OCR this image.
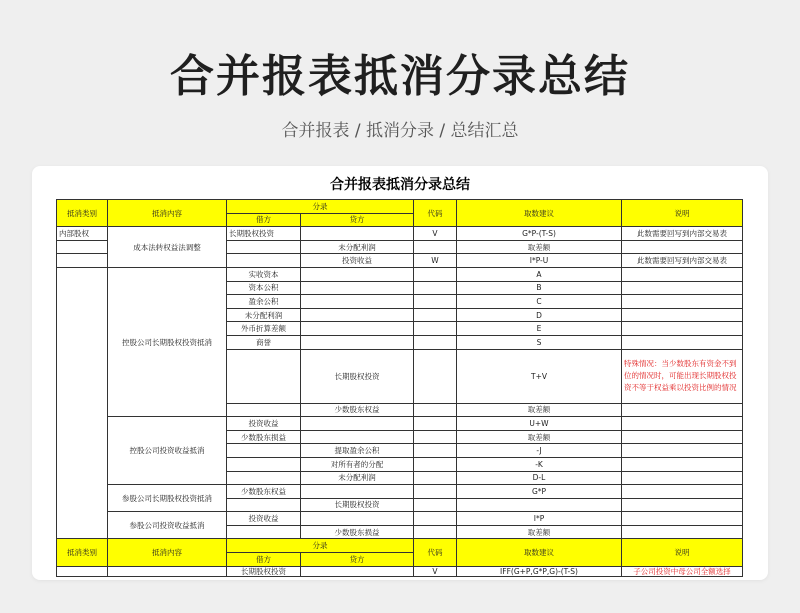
合并报表抵消分录总结
合并报表 / 抵消分录 / 总结汇总
合并报表抵消分录总结
抵消类别	抵消内容	分录		代码	取数建议	说明
		借方	贷方			
内部股权	成本法转权益法调整	长期股权投资		V	G*P-(T-S)	此数需要回写到内部交易表
			未分配利润		取差额	
			投资收益	W	I*P-U	此数需要回写到内部交易表
	控股公司长期股权投资抵消	实收资本			A	
		资本公积			B	
		盈余公积			C	
		未分配利润			D	
		外币折算差额			E	
		商誉			S	
			长期股权投资		T+V	特殊情况：当少数股东有资金不到位的情况时，可能出现长期股权投资不等于权益乘以投资比例的情况

			少数股东权益		取差额	
	控股公司投资收益抵消	投资收益			U+W	
		少数股东损益			取差额	
			提取盈余公积		-J	
			对所有者的分配		-K	
			未分配利润		D-L	
	参股公司长期股权投资抵消	少数股东权益			G*P	
			长期股权投资			
	参股公司投资收益抵消	投资收益			I*P	
			少数股东损益		取差额	
抵消类别	抵消内容	分录		代码	取数建议	说明
		借方	贷方			
		长期股权投资		V	IFF(G+P,G*P,G)-(T-S)	子公司投资中母公司全额选择
